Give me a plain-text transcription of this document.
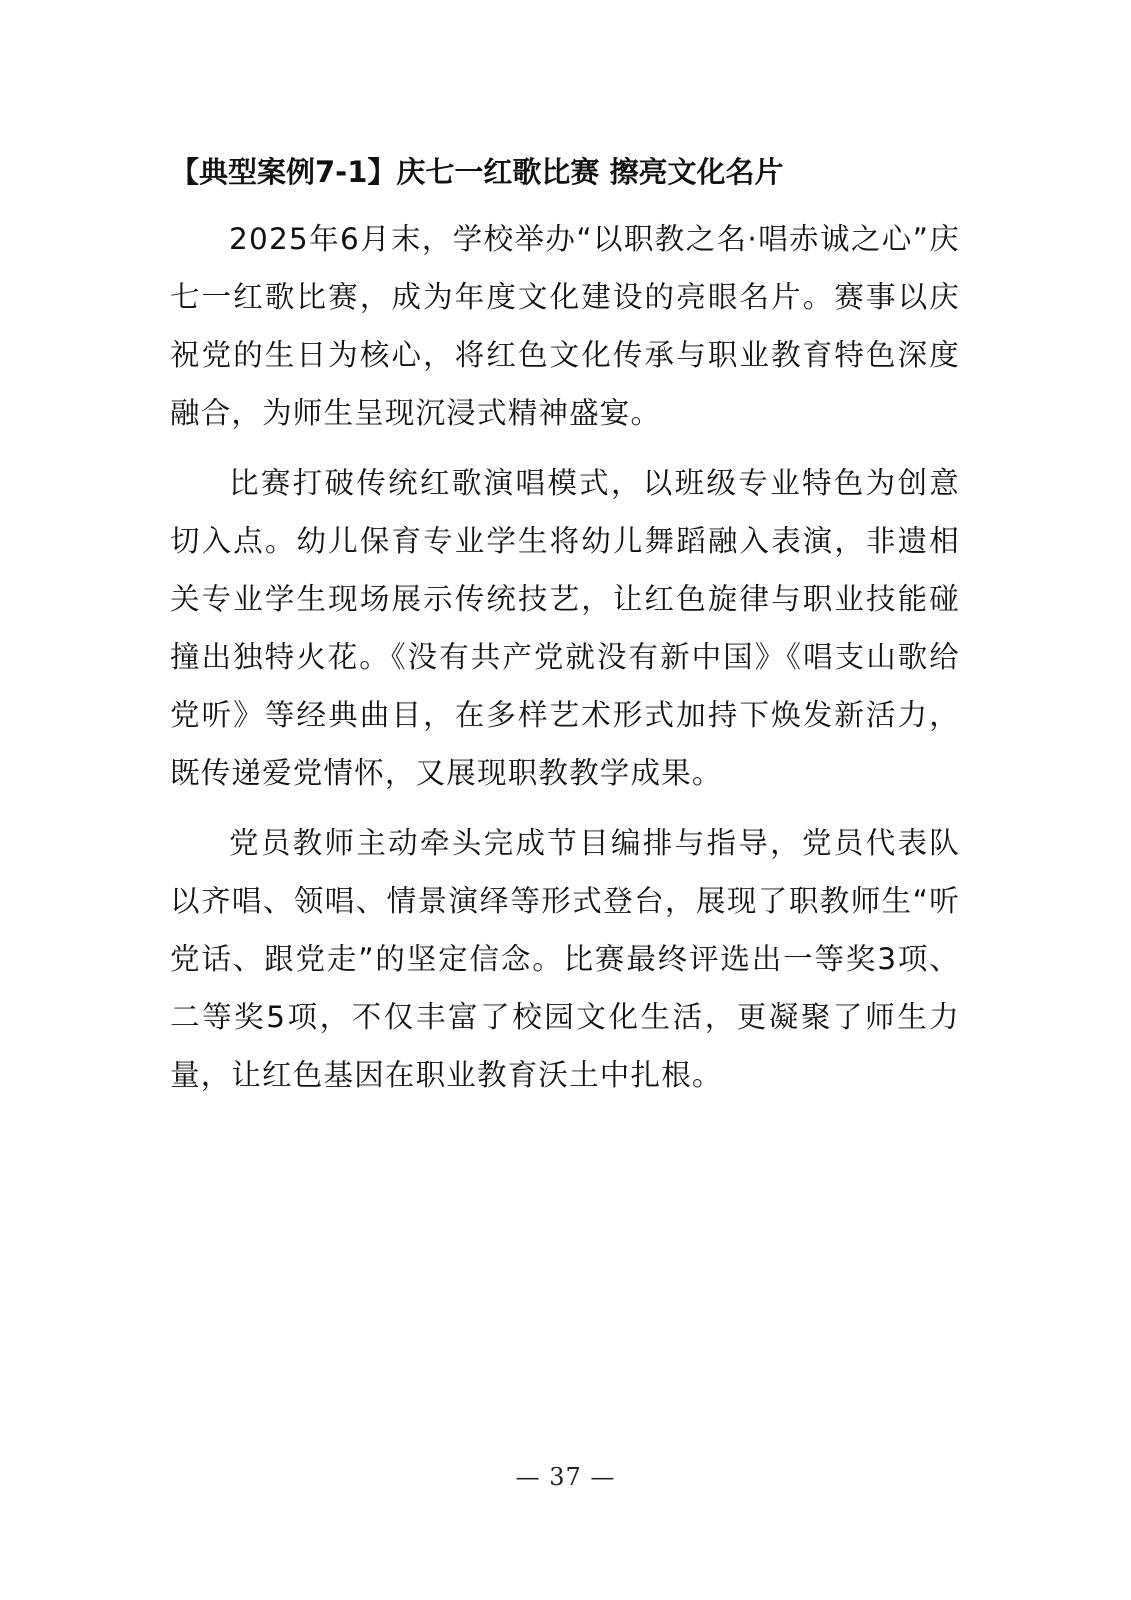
【典型案例7-1】庆七一红歌比赛 擦亮文化名片

2025年6月末，学校举办“以职教之名·唱赤诚之心”庆七一红歌比赛，成为年度文化建设的亮眼名片。赛事以庆祝党的生日为核心，将红色文化传承与职业教育特色深度融合，为师生呈现沉浸式精神盛宴。

比赛打破传统红歌演唱模式，以班级专业特色为创意切入点。幼儿保育专业学生将幼儿舞蹈融入表演，非遗相关专业学生现场展示传统技艺，让红色旋律与职业技能碰撞出独特火花。《没有共产党就没有新中国》《唱支山歌给党听》等经典曲目，在多样艺术形式加持下焕发新活力，既传递爱党情怀，又展现职教教学成果。

党员教师主动牵头完成节目编排与指导，党员代表队以齐唱、领唱、情景演绎等形式登台，展现了职教师生“听党话、跟党走”的坚定信念。比赛最终评选出一等奖3项、二等奖5项，不仅丰富了校园文化生活，更凝聚了师生力量，让红色基因在职业教育沃土中扎根。

— 37 —
